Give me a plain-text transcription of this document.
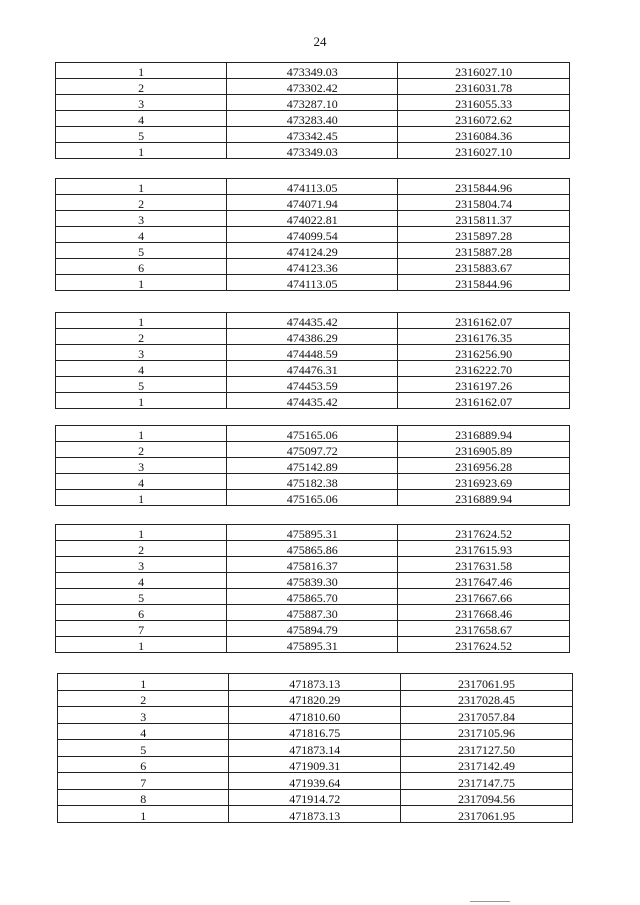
24
1	473349.03	2316027.10
2	473302.42	2316031.78
3	473287.10	2316055.33
4	473283.40	2316072.62
5	473342.45	2316084.36
1	473349.03	2316027.10
1	474113.05	2315844.96
2	474071.94	2315804.74
3	474022.81	2315811.37
4	474099.54	2315897.28
5	474124.29	2315887.28
6	474123.36	2315883.67
1	474113.05	2315844.96
1	474435.42	2316162.07
2	474386.29	2316176.35
3	474448.59	2316256.90
4	474476.31	2316222.70
5	474453.59	2316197.26
1	474435.42	2316162.07
1	475165.06	2316889.94
2	475097.72	2316905.89
3	475142.89	2316956.28
4	475182.38	2316923.69
1	475165.06	2316889.94
1	475895.31	2317624.52
2	475865.86	2317615.93
3	475816.37	2317631.58
4	475839.30	2317647.46
5	475865.70	2317667.66
6	475887.30	2317668.46
7	475894.79	2317658.67
1	475895.31	2317624.52
1	471873.13	2317061.95
2	471820.29	2317028.45
3	471810.60	2317057.84
4	471816.75	2317105.96
5	471873.14	2317127.50
6	471909.31	2317142.49
7	471939.64	2317147.75
8	471914.72	2317094.56
1	471873.13	2317061.95
